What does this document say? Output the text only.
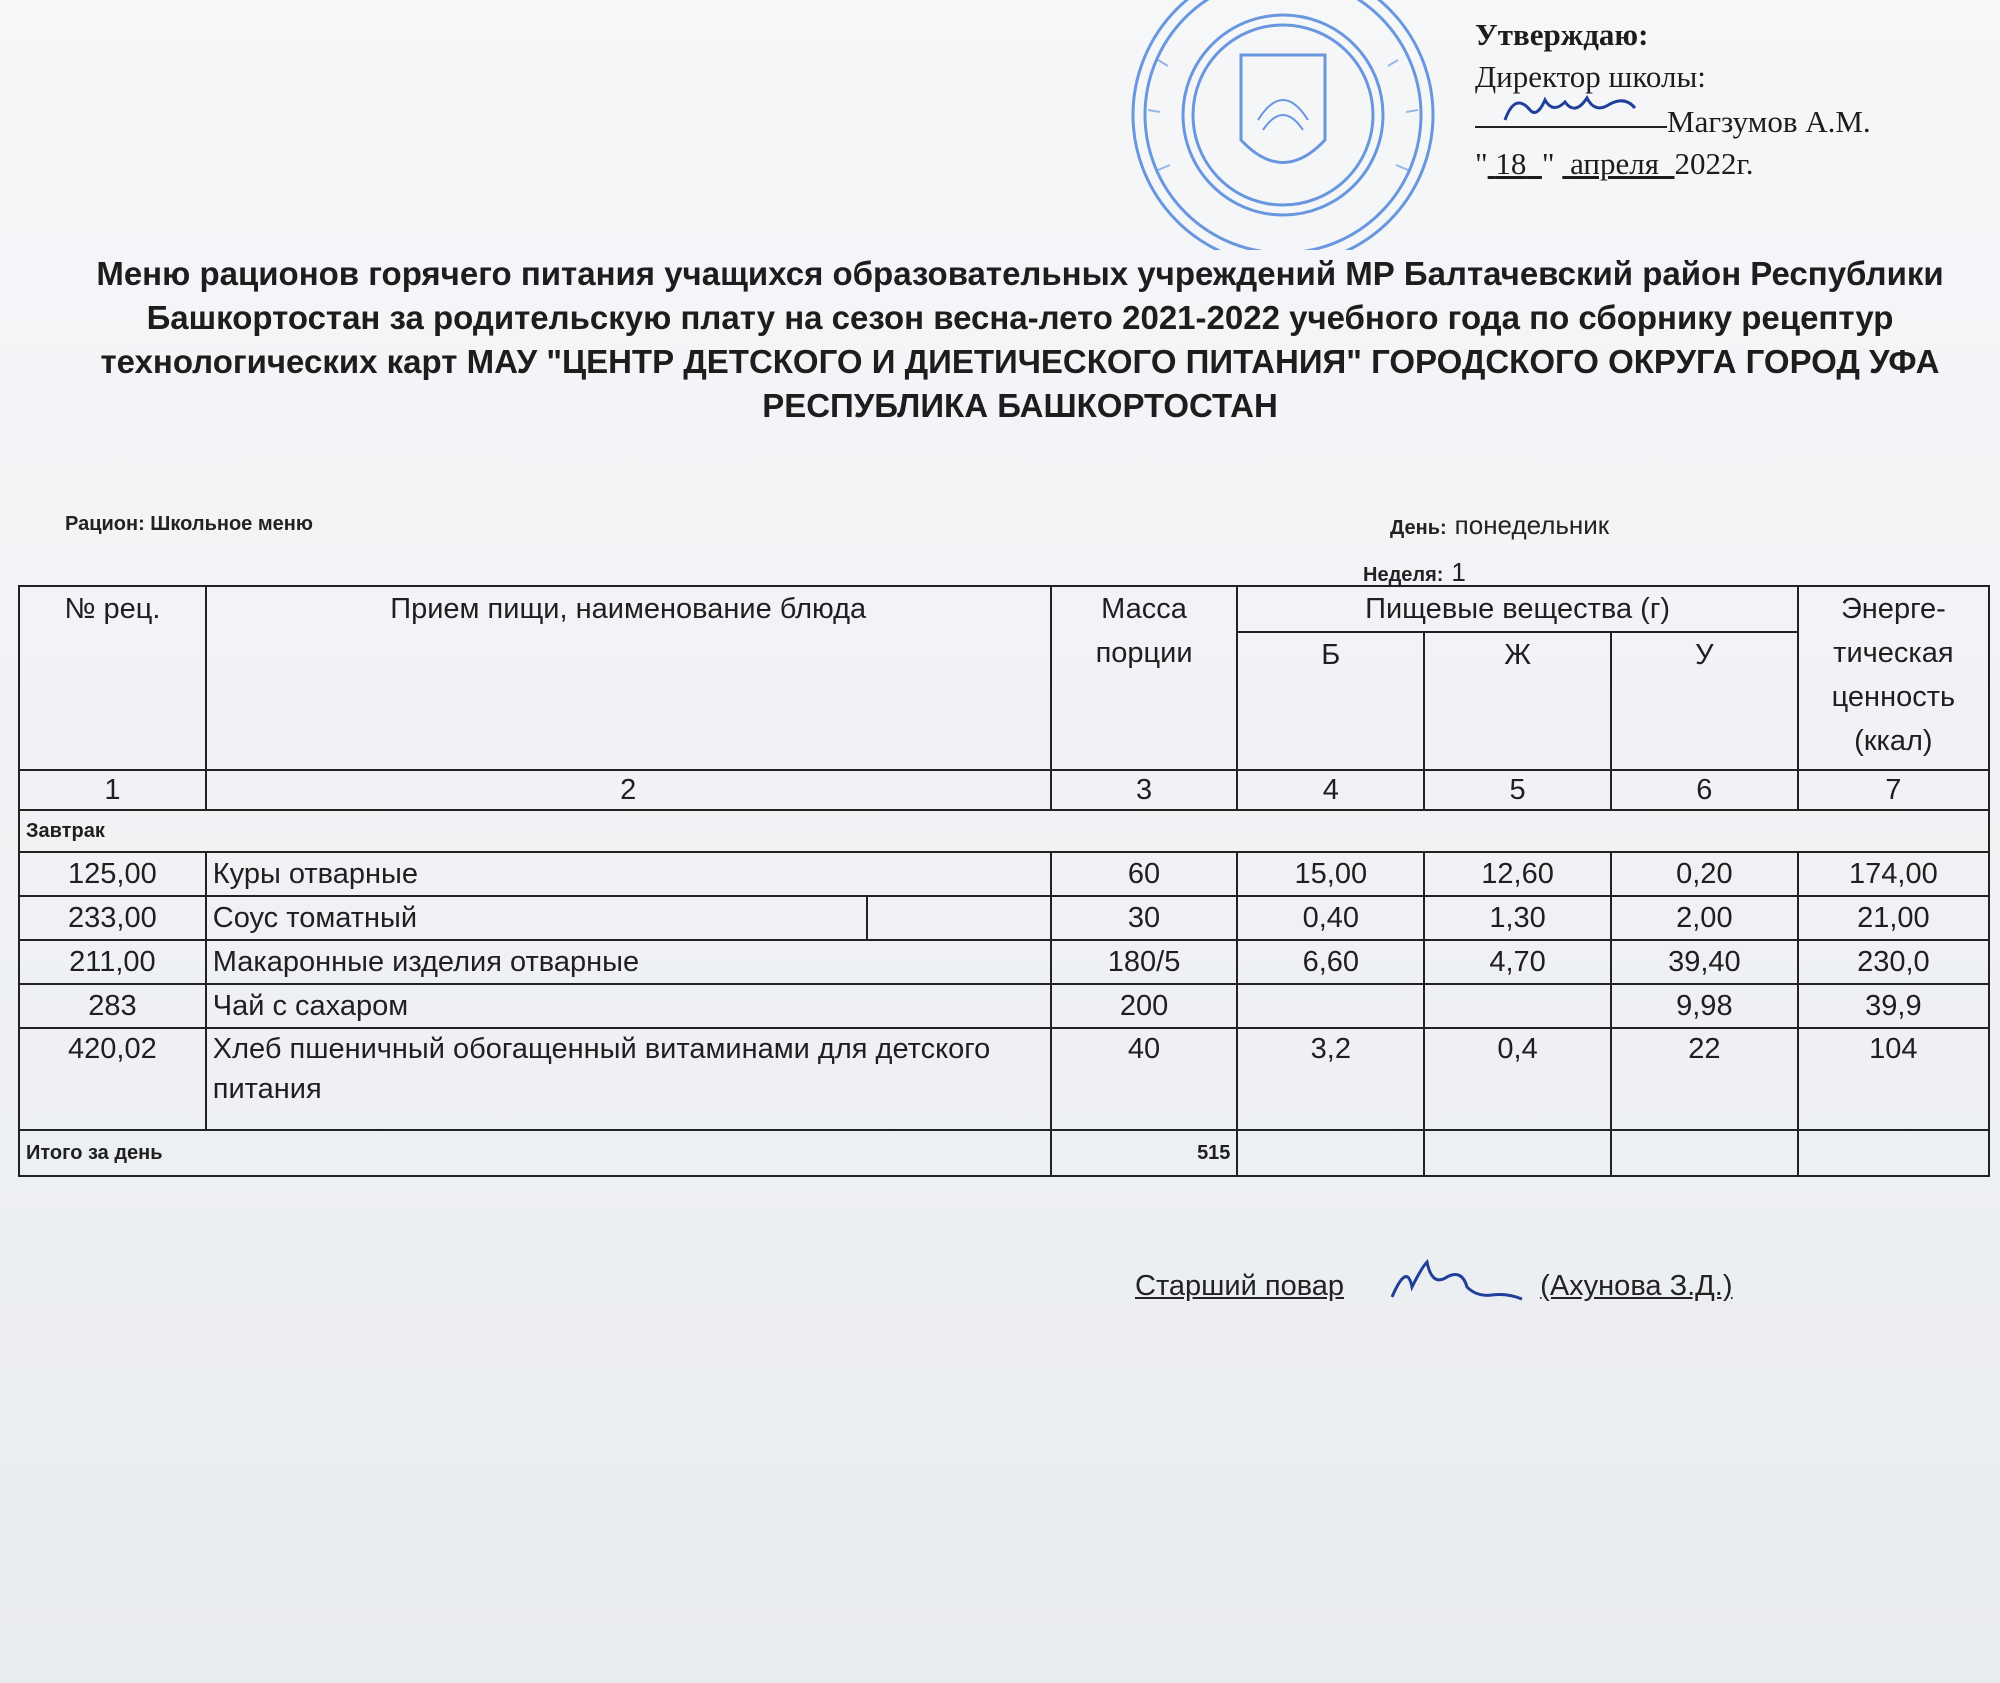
Утверждаю:
Директор школы:
Магзумов А.М.
" 18 " апреля 2022г.
Меню рационов горячего питания учащихся образовательных учреждений МР Балтачевский район Республики Башкортостан за родительскую плату на сезон весна-лето 2021-2022 учебного года по сборнику рецептур технологических карт МАУ "ЦЕНТР ДЕТСКОГО И ДИЕТИЧЕСКОГО ПИТАНИЯ" ГОРОДСКОГО ОКРУГА ГОРОД УФА РЕСПУБЛИКА БАШКОРТОСТАН
Рацион: Школьное меню	День: понедельник
Неделя: 1
№ рец.	Прием пищи, наименование блюда	Масса порции	Пищевые вещества (г)			Энерге-тическая ценность (ккал)
			Б	Ж	У	
1	2	3	4	5	6	7
Завтрак						
125,00	Куры отварные	60	15,00	12,60	0,20	174,00
233,00	Соус томатный	30	0,40	1,30	2,00	21,00
211,00	Макаронные изделия отварные	180/5	6,60	4,70	39,40	230,0
283	Чай с сахаром	200			9,98	39,9
420,02	Хлеб пшеничный обогащенный витаминами для детского питания	40	3,2	0,4	22	104
Итого за день		515				
Старший повар	(Ахунова З.Д.)
